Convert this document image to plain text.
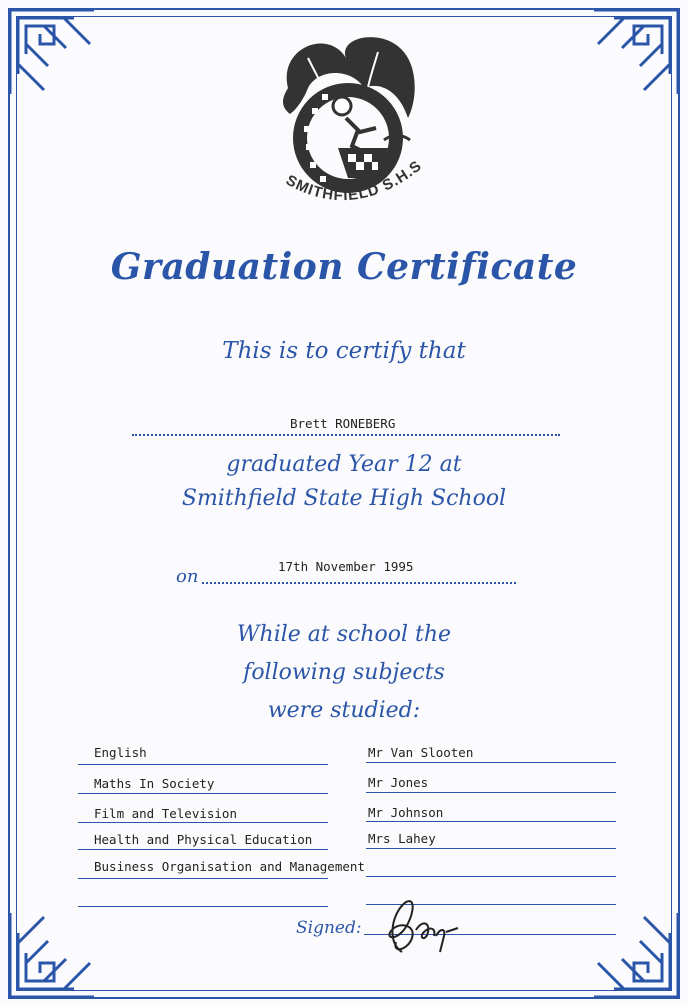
SMITHFIELD S.H.S
Graduation Certificate
This is to certify that
Brett RONEBERG
graduated Year 12 at
Smithfield State High School
17th November 1995
on
While at school the
following subjects
were studied:
English	Mr Van Slooten
Maths In Society	Mr Jones
Film and Television	Mr Johnson
Health and Physical Education	Mrs Lahey
Business Organisation and Management
Signed:
